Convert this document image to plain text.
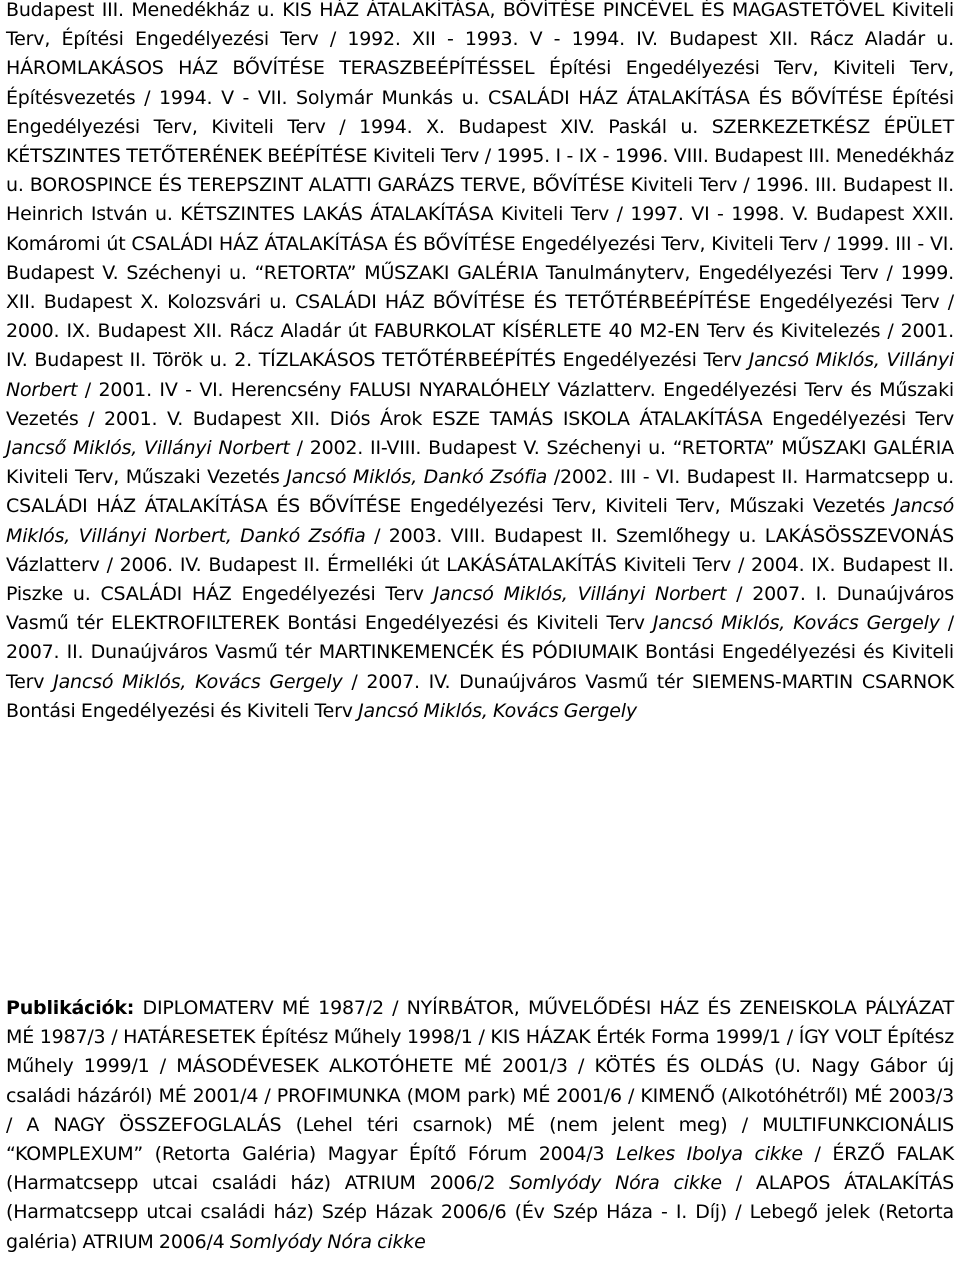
Budapest III. Menedékház u. KIS HÁZ ÁTALAKÍTÁSA, BŐVÍTÉSE PINCÉVEL ÉS MAGASTETŐVEL Kiviteli Terv, Építési Engedélyezési Terv / 1992. XII - 1993. V - 1994. IV. Budapest XII. Rácz Aladár u. HÁROMLAKÁSOS HÁZ BŐVÍTÉSE TERASZBEÉPÍTÉSSEL Építési Engedélyezési Terv, Kiviteli Terv, Építésvezetés / 1994. V - VII. Solymár Munkás u. CSALÁDI HÁZ ÁTALAKÍTÁSA ÉS BŐVÍTÉSE Építési Engedélyezési Terv, Kiviteli Terv / 1994. X. Budapest XIV. Paskál u. SZERKEZETKÉSZ ÉPÜLET KÉTSZINTES TETŐTERÉNEK BEÉPÍTÉSE Kiviteli Terv / 1995. I - IX - 1996. VIII. Budapest III. Menedékház u. BOROSPINCE ÉS TEREPSZINT ALATTI GARÁZS TERVE, BŐVÍTÉSE Kiviteli Terv / 1996. III. Budapest II. Heinrich István u. KÉTSZINTES LAKÁS ÁTALAKÍTÁSA Kiviteli Terv / 1997. VI - 1998. V. Budapest XXII. Komáromi út CSALÁDI HÁZ ÁTALAKÍTÁSA ÉS BŐVÍTÉSE Engedélyezési Terv, Kiviteli Terv / 1999. III - VI. Budapest V. Széchenyi u. “RETORTA” MŰSZAKI GALÉRIA Tanulmányterv, Engedélyezési Terv / 1999. XII. Budapest X. Kolozsvári u. CSALÁDI HÁZ BŐVÍTÉSE ÉS TETŐTÉRBEÉPÍTÉSE Engedélyezési Terv / 2000. IX. Budapest XII. Rácz Aladár út FABURKOLAT KÍSÉRLETE 40 M2-EN Terv és Kivitelezés / 2001. IV. Budapest II. Török u. 2. TÍZLAKÁSOS TETŐTÉRBEÉPÍTÉS Engedélyezési Terv Jancsó Miklós, Villányi Norbert / 2001. IV - VI. Herencsény FALUSI NYARALÓHELY Vázlatterv. Engedélyezési Terv és Műszaki Vezetés / 2001. V. Budapest XII. Diós Árok ESZE TAMÁS ISKOLA ÁTALAKÍTÁSA Engedélyezési Terv Jancső Miklós, Villányi Norbert / 2002. II-VIII. Budapest V. Széchenyi u. “RETORTA” MŰSZAKI GALÉRIA Kiviteli Terv, Műszaki Vezetés Jancsó Miklós, Dankó Zsófia /2002. III - VI. Budapest II. Harmatcsepp u. CSALÁDI HÁZ ÁTALAKÍTÁSA ÉS BŐVÍTÉSE Engedélyezési Terv, Kiviteli Terv, Műszaki Vezetés Jancsó Miklós, Villányi Norbert, Dankó Zsófia / 2003. VIII. Budapest II. Szemlőhegy u. LAKÁSÖSSZEVONÁS Vázlatterv / 2006. IV. Budapest II. Érmelléki út LAKÁSÁTALAKÍTÁS Kiviteli Terv / 2004. IX. Budapest II. Piszke u. CSALÁDI HÁZ Engedélyezési Terv Jancsó Miklós, Villányi Norbert / 2007. I. Dunaújváros Vasmű tér ELEKTROFILTEREK Bontási Engedélyezési és Kiviteli Terv Jancsó Miklós, Kovács Gergely / 2007. II. Dunaújváros Vasmű tér MARTINKEMENCÉK ÉS PÓDIUMAIK Bontási Engedélyezési és Kiviteli Terv Jancsó Miklós, Kovács Gergely / 2007. IV. Dunaújváros Vasmű tér SIEMENS-MARTIN CSARNOK Bontási Engedélyezési és Kiviteli Terv Jancsó Miklós, Kovács Gergely
Publikációk: DIPLOMATERV MÉ 1987/2 / NYÍRBÁTOR, MŰVELŐDÉSI HÁZ ÉS ZENEISKOLA PÁLYÁZAT MÉ 1987/3 / HATÁRESETEK Építész Műhely 1998/1 / KIS HÁZAK Érték Forma 1999/1 / ÍGY VOLT Építész Műhely 1999/1 / MÁSODÉVESEK ALKOTÓHETE MÉ 2001/3 / KÖTÉS ÉS OLDÁS (U. Nagy Gábor új családi házáról) MÉ 2001/4 / PROFIMUNKA (MOM park) MÉ 2001/6 / KIMENŐ (Alkotóhétről) MÉ 2003/3 / A NAGY ÖSSZEFOGLALÁS (Lehel téri csarnok) MÉ (nem jelent meg) / MULTIFUNKCIONÁLIS “KOMPLEXUM” (Retorta Galéria) Magyar Építő Fórum 2004/3 Lelkes Ibolya cikke / ÉRZŐ FALAK (Harmatcsepp utcai családi ház) ATRIUM 2006/2 Somlyódy Nóra cikke / ALAPOS ÁTALAKÍTÁS (Harmatcsepp utcai családi ház) Szép Házak 2006/6 (Év Szép Háza - I. Díj) / Lebegő jelek (Retorta galéria) ATRIUM 2006/4 Somlyódy Nóra cikke
